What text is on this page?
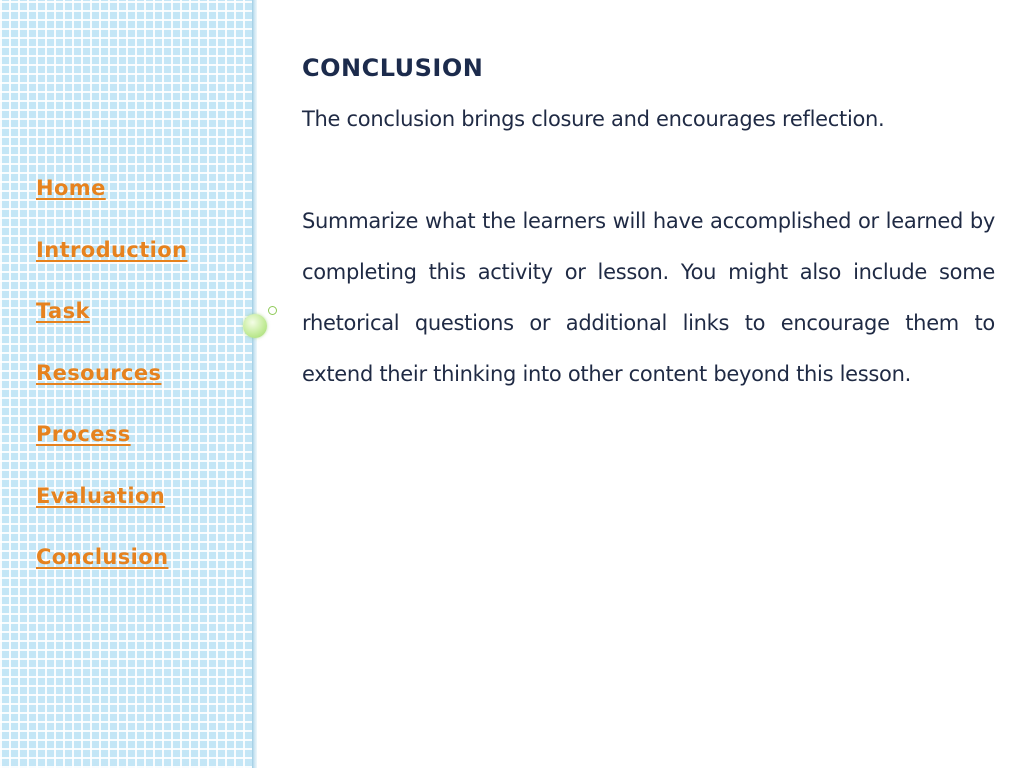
Home
Introduction
Task
Resources
Process
Evaluation
Conclusion
CONCLUSION

The conclusion brings closure and encourages reflection.

Summarize what the learners will have accomplished or learned by completing this activity or lesson. You might also include some rhetorical questions or additional links to encourage them to extend their thinking into other content beyond this lesson.
